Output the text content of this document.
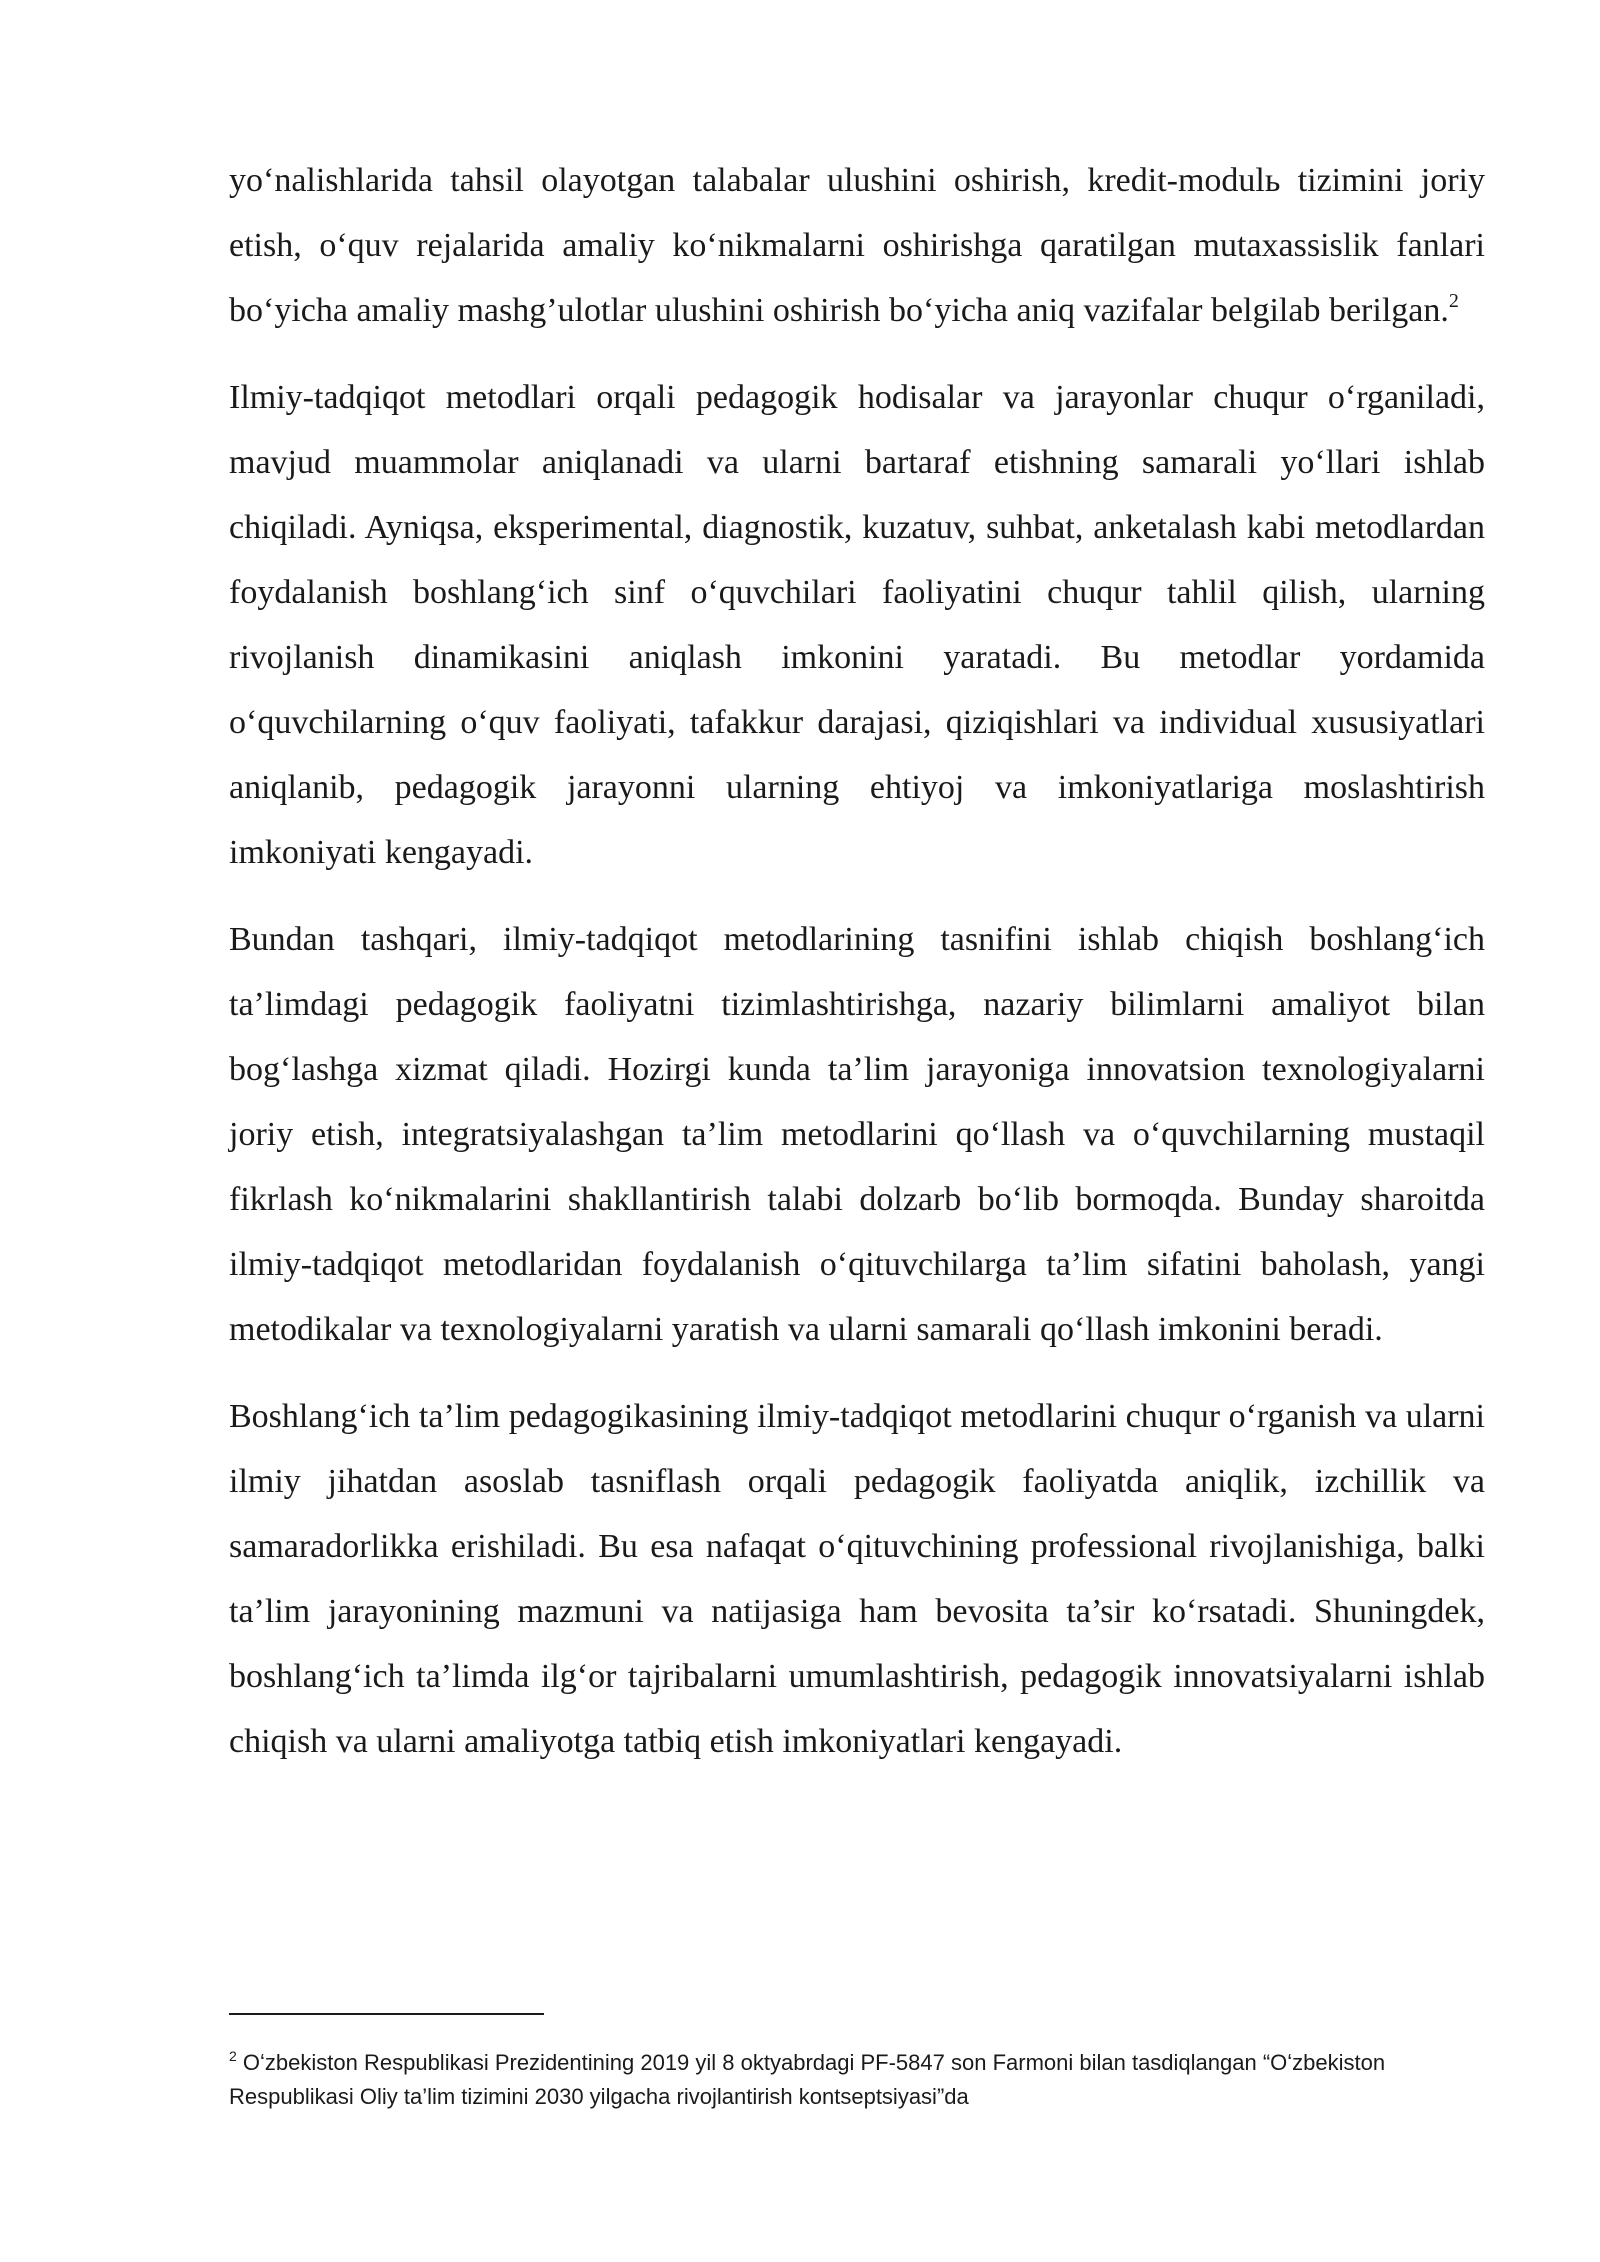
yoʻnalishlarida tahsil olayotgan talabalar ulushini oshirish, kredit-modulь tizimini joriy etish, oʻquv rejalarida amaliy koʻnikmalarni oshirishga qaratilgan mutaxassislik fanlari boʻyicha amaliy mashg’ulotlar ulushini oshirish boʻyicha aniq vazifalar belgilab berilgan.$^2$

Ilmiy-tadqiqot metodlari orqali pedagogik hodisalar va jarayonlar chuqur oʻrganiladi, mavjud muammolar aniqlanadi va ularni bartaraf etishning samarali yoʻllari ishlab chiqiladi. Ayniqsa, eksperimental, diagnostik, kuzatuv, suhbat, anketalash kabi metodlardan foydalanish boshlangʻich sinf oʻquvchilari faoliyatini chuqur tahlil qilish, ularning rivojlanish dinamikasini aniqlash imkonini yaratadi. Bu metodlar yordamida oʻquvchilarning oʻquv faoliyati, tafakkur darajasi, qiziqishlari va individual xususiyatlari aniqlanib, pedagogik jarayonni ularning ehtiyoj va imkoniyatlariga moslashtirish imkoniyati kengayadi.

Bundan tashqari, ilmiy-tadqiqot metodlarining tasnifini ishlab chiqish boshlangʻich ta’limdagi pedagogik faoliyatni tizimlashtirishga, nazariy bilimlarni amaliyot bilan bogʻlashga xizmat qiladi. Hozirgi kunda ta’lim jarayoniga innovatsion texnologiyalarni joriy etish, integratsiyalashgan ta’lim metodlarini qoʻllash va oʻquvchilarning mustaqil fikrlash koʻnikmalarini shakllantirish talabi dolzarb boʻlib bormoqda. Bunday sharoitda ilmiy-tadqiqot metodlaridan foydalanish oʻqituvchilarga ta’lim sifatini baholash, yangi metodikalar va texnologiyalarni yaratish va ularni samarali qoʻllash imkonini beradi.

Boshlangʻich ta’lim pedagogikasining ilmiy-tadqiqot metodlarini chuqur oʻrganish va ularni ilmiy jihatdan asoslab tasniflash orqali pedagogik faoliyatda aniqlik, izchillik va samaradorlikka erishiladi. Bu esa nafaqat oʻqituvchining professional rivojlanishiga, balki ta’lim jarayonining mazmuni va natijasiga ham bevosita ta’sir koʻrsatadi. Shuningdek, boshlangʻich ta’limda ilgʻor tajribalarni umumlashtirish, pedagogik innovatsiyalarni ishlab chiqish va ularni amaliyotga tatbiq etish imkoniyatlari kengayadi.

$^2$ Oʻzbekiston Respublikasi Prezidentining 2019 yil 8 oktyabrdagi PF-5847 son Farmoni bilan tasdiqlangan “Oʻzbekiston Respublikasi Oliy ta’lim tizimini 2030 yilgacha rivojlantirish kontseptsiyasi”da
